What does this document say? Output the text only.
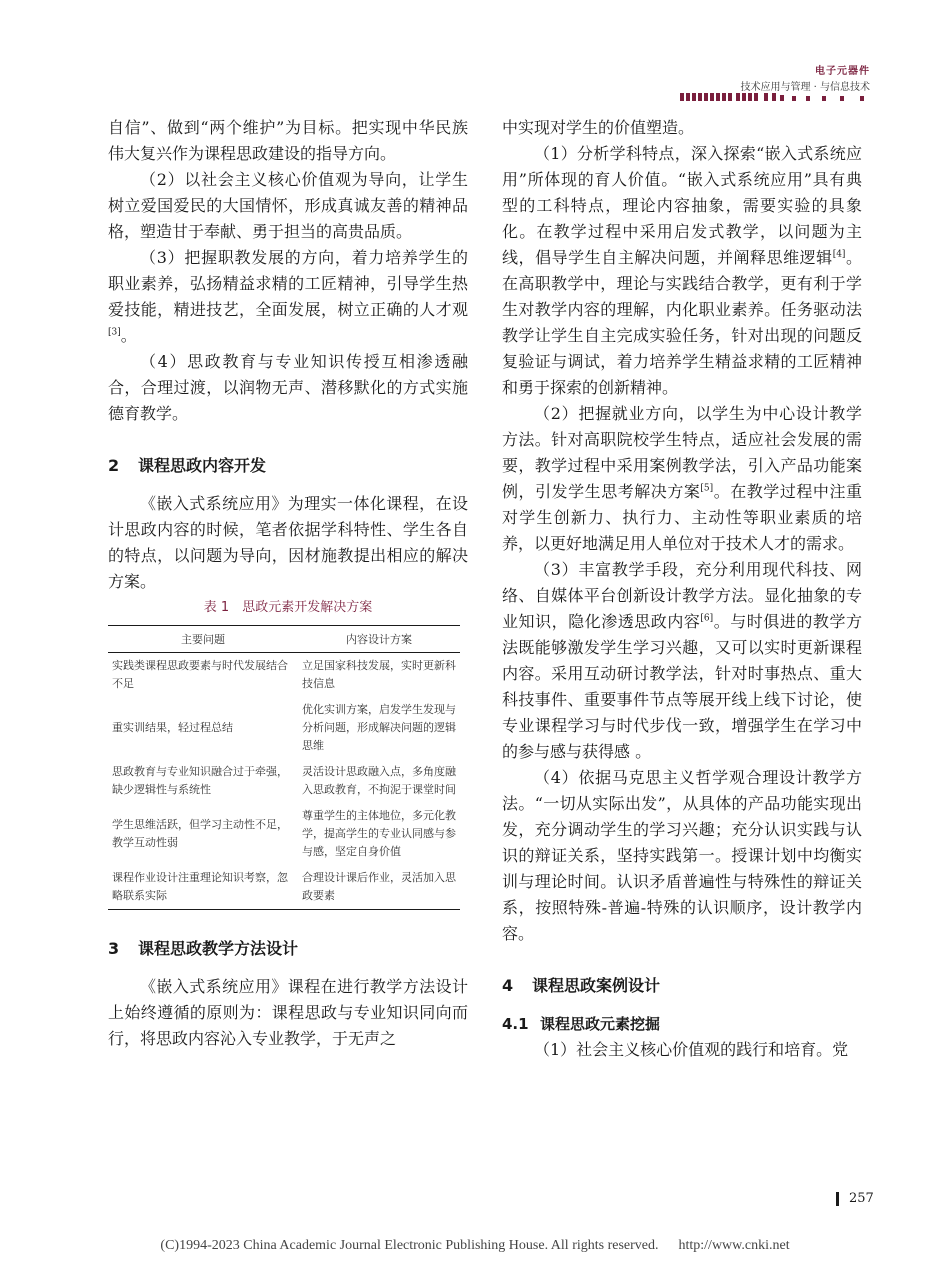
电子元器件
技术应用与管理 · 与信息技术

自信”、做到“两个维护”为目标。把实现中华民族伟大复兴作为课程思政建设的指导方向。

（2）以社会主义核心价值观为导向，让学生树立爱国爱民的大国情怀，形成真诚友善的精神品格，塑造甘于奉献、勇于担当的高贵品质。

（3）把握职教发展的方向，着力培养学生的职业素养，弘扬精益求精的工匠精神，引导学生热爱技能，精进技艺，全面发展，树立正确的人才观[3]。

（4）思政教育与专业知识传授互相渗透融合，合理过渡，以润物无声、潜移默化的方式实施德育教学。

2 课程思政内容开发

《嵌入式系统应用》为理实一体化课程，在设计思政内容的时候，笔者依据学科特性、学生各自的特点，以问题为导向，因材施教提出相应的解决方案。

表 1　思政元素开发解决方案
主要问题	内容设计方案
实践类课程思政要素与时代发展结合不足	立足国家科技发展，实时更新科技信息
重实训结果，轻过程总结	优化实训方案，启发学生发现与分析问题，形成解决问题的逻辑思维
思政教育与专业知识融合过于牵强，缺少逻辑性与系统性	灵活设计思政融入点，多角度融入思政教育，不拘泥于课堂时间
学生思维活跃，但学习主动性不足，教学互动性弱	尊重学生的主体地位，多元化教学，提高学生的专业认同感与参与感，坚定自身价值
课程作业设计注重理论知识考察，忽略联系实际	合理设计课后作业，灵活加入思政要素
3 课程思政教学方法设计

《嵌入式系统应用》课程在进行教学方法设计上始终遵循的原则为：课程思政与专业知识同向而行，将思政内容沁入专业教学，于无声之

中实现对学生的价值塑造。

（1）分析学科特点，深入探索“嵌入式系统应用”所体现的育人价值。“嵌入式系统应用”具有典型的工科特点，理论内容抽象，需要实验的具象化。在教学过程中采用启发式教学，以问题为主线，倡导学生自主解决问题，并阐释思维逻辑[4]。在高职教学中，理论与实践结合教学，更有利于学生对教学内容的理解，内化职业素养。任务驱动法教学让学生自主完成实验任务，针对出现的问题反复验证与调试，着力培养学生精益求精的工匠精神和勇于探索的创新精神。

（2）把握就业方向，以学生为中心设计教学方法。针对高职院校学生特点，适应社会发展的需要，教学过程中采用案例教学法，引入产品功能案例，引发学生思考解决方案[5]。在教学过程中注重对学生创新力、执行力、主动性等职业素质的培养，以更好地满足用人单位对于技术人才的需求。

（3）丰富教学手段，充分利用现代科技、网络、自媒体平台创新设计教学方法。显化抽象的专业知识，隐化渗透思政内容[6]。与时俱进的教学方法既能够激发学生学习兴趣，又可以实时更新课程内容。采用互动研讨教学法，针对时事热点、重大科技事件、重要事件节点等展开线上线下讨论，使专业课程学习与时代步伐一致，增强学生在学习中的参与感与获得感 。

（4）依据马克思主义哲学观合理设计教学方法。“一切从实际出发”，从具体的产品功能实现出发，充分调动学生的学习兴趣；充分认识实践与认识的辩证关系，坚持实践第一。授课计划中均衡实训与理论时间。认识矛盾普遍性与特殊性的辩证关系，按照特殊-普遍-特殊的认识顺序，设计教学内容。

4 课程思政案例设计
4.1 课程思政元素挖掘

（1）社会主义核心价值观的践行和培育。党

257
(C)1994-2023 China Academic Journal Electronic Publishing House. All rights reserved. http://www.cnki.net
